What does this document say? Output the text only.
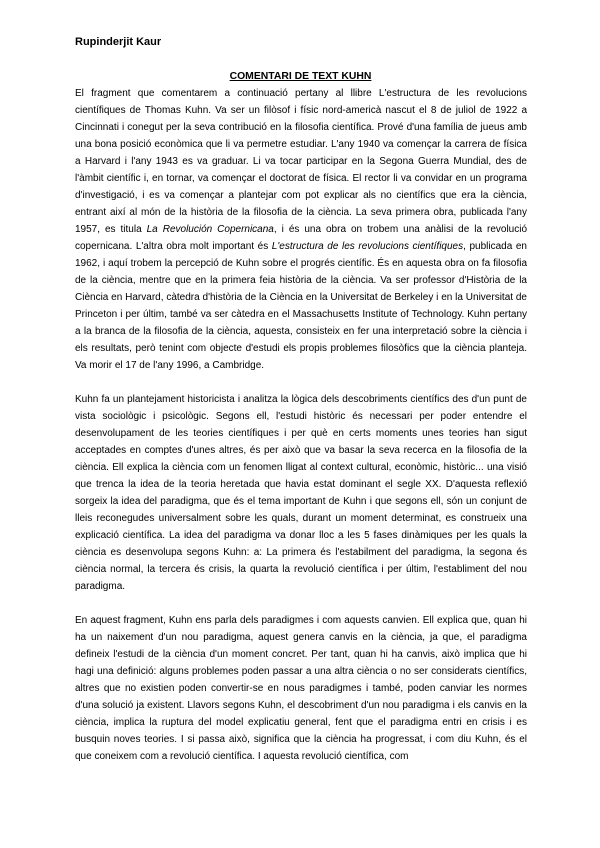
Rupinderjit Kaur
COMENTARI DE TEXT KUHN

El fragment que comentarem a continuació pertany al llibre L'estructura de les revolucions científiques de Thomas Kuhn. Va ser un filòsof i físic nord-americà nascut el 8 de juliol de 1922 a Cincinnati i conegut per la seva contribució en la filosofia científica. Prové d'una família de jueus amb una bona posició econòmica que li va permetre estudiar. L'any 1940 va començar la carrera de física a Harvard i l'any 1943 es va graduar. Li va tocar participar en la Segona Guerra Mundial, des de l'àmbit científic i, en tornar, va començar el doctorat de física. El rector li va convidar en un programa d'investigació, i es va començar a plantejar com pot explicar als no científics que era la ciència, entrant així al món de la història de la filosofia de la ciència. La seva primera obra, publicada l'any 1957, es titula La Revolución Copernicana, i és una obra on trobem una anàlisi de la revolució copernicana. L'altra obra molt important és L'estructura de les revolucions científiques, publicada en 1962, i aquí trobem la percepció de Kuhn sobre el progrés científic. És en aquesta obra on fa filosofia de la ciència, mentre que en la primera feia història de la ciència. Va ser professor d'Història de la Ciència en Harvard, càtedra d'història de la Ciència en la Universitat de Berkeley i en la Universitat de Princeton i per últim, també va ser càtedra en el Massachusetts Institute of Technology. Kuhn pertany a la branca de la filosofia de la ciència, aquesta, consisteix en fer una interpretació sobre la ciència i els resultats, però tenint com objecte d'estudi els propis problemes filosòfics que la ciència planteja. Va morir el 17 de l'any 1996, a Cambridge.

Kuhn fa un plantejament historicista i analitza la lògica dels descobriments científics des d'un punt de vista sociològic i psicològic. Segons ell, l'estudi històric és necessari per poder entendre el desenvolupament de les teories científiques i per què en certs moments unes teories han sigut acceptades en comptes d'unes altres, és per això que va basar la seva recerca en la filosofia de la ciència. Ell explica la ciència com un fenomen lligat al context cultural, econòmic, històric... una visió que trenca la idea de la teoria heretada que havia estat dominant el segle XX. D'aquesta reflexió sorgeix la idea del paradigma, que és el tema important de Kuhn i que segons ell, són un conjunt de lleis reconegudes universalment sobre les quals, durant un moment determinat, es construeix una explicació científica. La idea del paradigma va donar lloc a les 5 fases dinàmiques per les quals la ciència es desenvolupa segons Kuhn: a: La primera és l'estabilment del paradigma, la segona és ciència normal, la tercera és crisis, la quarta la revolució científica i per últim, l'establiment del nou paradigma.

En aquest fragment, Kuhn ens parla dels paradigmes i com aquests canvien. Ell explica que, quan hi ha un naixement d'un nou paradigma, aquest genera canvis en la ciència, ja que, el paradigma defineix l'estudi de la ciència d'un moment concret. Per tant, quan hi ha canvis, això implica que hi hagi una definició: alguns problemes poden passar a una altra ciència o no ser considerats científics, altres que no existien poden convertir-se en nous paradigmes i també, poden canviar les normes d'una solució ja existent. Llavors segons Kuhn, el descobriment d'un nou paradigma i els canvis en la ciència, implica la ruptura del model explicatiu general, fent que el paradigma entri en crisis i es busquin noves teories. I si passa això, significa que la ciència ha progressat, i com diu Kuhn, és el que coneixem com a revolució científica. I aquesta revolució científica, com
